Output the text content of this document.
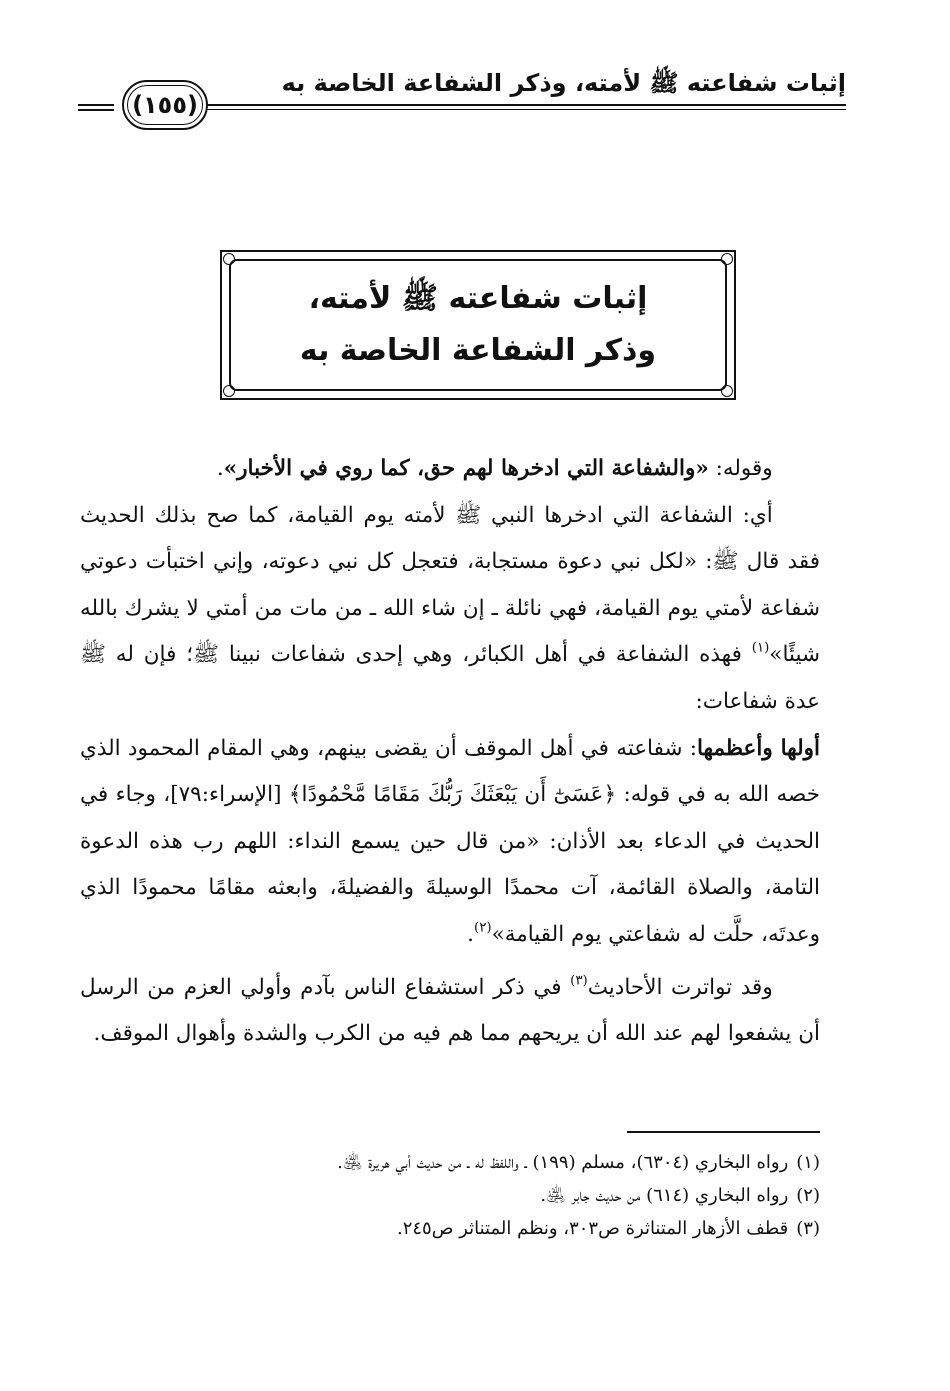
إثبات شفاعته ﷺ لأمته، وذكر الشفاعة الخاصة به
(١٥٥)
إثبات شفاعته ﷺ لأمته،
وذكر الشفاعة الخاصة به

وقوله: «والشفاعة التي ادخرها لهم حق، كما روي في الأخبار».

أي: الشفاعة التي ادخرها النبي ﷺ لأمته يوم القيامة، كما صح بذلك الحديث فقد قال ﷺ: «لكل نبي دعوة مستجابة، فتعجل كل نبي دعوته، وإني اختبأت دعوتي شفاعة لأمتي يوم القيامة، فهي نائلة ـ إن شاء الله ـ من مات من أمتي لا يشرك بالله شيئًا»$^{(١)}$ فهذه الشفاعة في أهل الكبائر، وهي إحدى شفاعات نبينا ﷺ؛ فإن له ﷺ عدة شفاعات:

أولها وأعظمها: شفاعته في أهل الموقف أن يقضى بينهم، وهي المقام المحمود الذي خصه الله به في قوله: ﴿عَسَىٰٓ أَن يَبْعَثَكَ رَبُّكَ مَقَامًا مَّحْمُودًا﴾ [الإسراء:٧٩]، وجاء في الحديث في الدعاء بعد الأذان: «من قال حين يسمع النداء: اللهم رب هذه الدعوة التامة، والصلاة القائمة، آت محمدًا الوسيلةَ والفضيلةَ، وابعثه مقامًا محمودًا الذي وعدتَه، حلَّت له شفاعتي يوم القيامة»$^{(٢)}$.

وقد تواترت الأحاديث$^{(٣)}$ في ذكر استشفاع الناس بآدم وأولي العزم من الرسل أن يشفعوا لهم عند الله أن يريحهم مما هم فيه من الكرب والشدة وأهوال الموقف.

(١)
رواه البخاري (٦٣٠٤)، مسلم (١٩٩) ـ واللفظ له ـ من حديث أبي هريرة ﵁.
(٢)
رواه البخاري (٦١٤) من حديث جابر ﵁.
(٣)
قطف الأزهار المتناثرة ص٣٠٣، ونظم المتناثر ص٢٤٥.
